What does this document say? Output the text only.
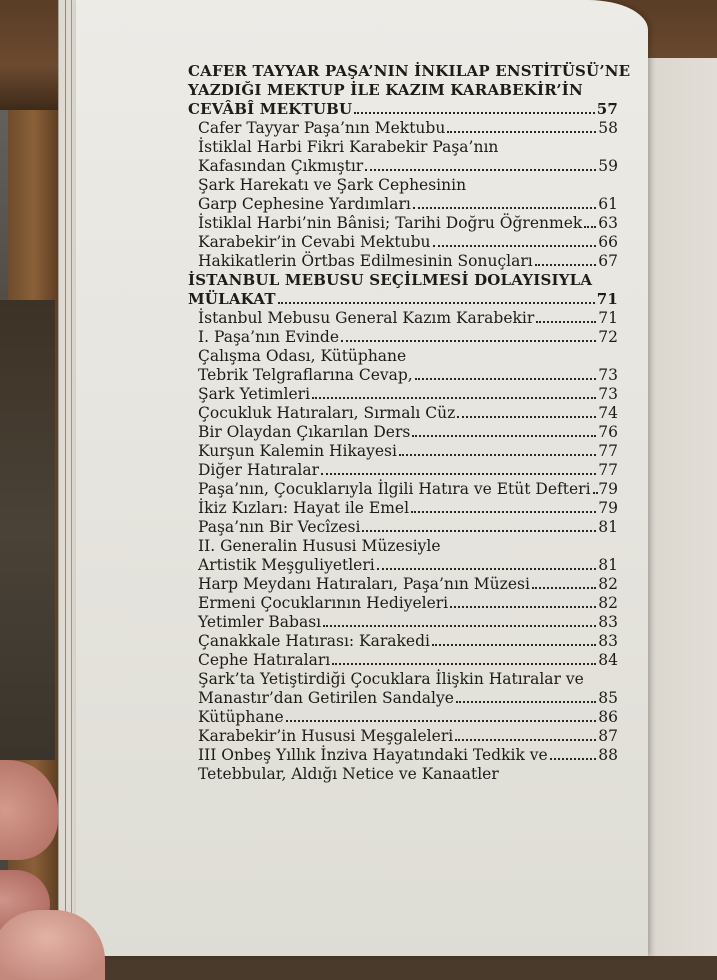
CAFER TAYYAR PAŞA’NIN İNKILAP ENSTİTÜSÜ’NE
YAZDIĞI MEKTUP İLE KAZIM KARABEKİR’İN
CEVÂBÎ MEKTUBU	57
Cafer Tayyar Paşa’nın Mektubu	58
İstiklal Harbi Fikri Karabekir Paşa’nın
Kafasından Çıkmıştır	59
Şark Harekatı ve Şark Cephesinin
Garp Cephesine Yardımları	61
İstiklal Harbi’nin Bânisi; Tarihi Doğru Öğrenmek 63
Karabekir’in Cevabi Mektubu	66
Hakikatlerin Örtbas Edilmesinin Sonuçları	67
İSTANBUL MEBUSU SEÇİLMESİ DOLAYISIYLA
MÜLAKAT	71
İstanbul Mebusu General Kazım Karabekir	71
I. Paşa’nın Evinde	72
Çalışma Odası, Kütüphane
Tebrik Telgraflarına Cevap,	73
Şark Yetimleri	73
Çocukluk Hatıraları, Sırmalı Cüz	74
Bir Olaydan Çıkarılan Ders	76
Kurşun Kalemin Hikayesi	77
Diğer Hatıralar	77
Paşa’nın, Çocuklarıyla İlgili Hatıra ve Etüt Defteri 79
İkiz Kızları: Hayat ile Emel	79
Paşa’nın Bir Vecîzesi	81
II. Generalin Hususi Müzesiyle
Artistik Meşguliyetleri	81
Harp Meydanı Hatıraları, Paşa’nın Müzesi	82
Ermeni Çocuklarının Hediyeleri	82
Yetimler Babası	83
Çanakkale Hatırası: Karakedi	83
Cephe Hatıraları	84
Şark’ta Yetiştirdiği Çocuklara İlişkin Hatıralar ve
Manastır’dan Getirilen Sandalye	85
Kütüphane	86
Karabekir’in Hususi Meşgaleleri	87
III Onbeş Yıllık İnziva Hayatındaki Tedkik ve	88
Tetebbular, Aldığı Netice ve Kanaatler
